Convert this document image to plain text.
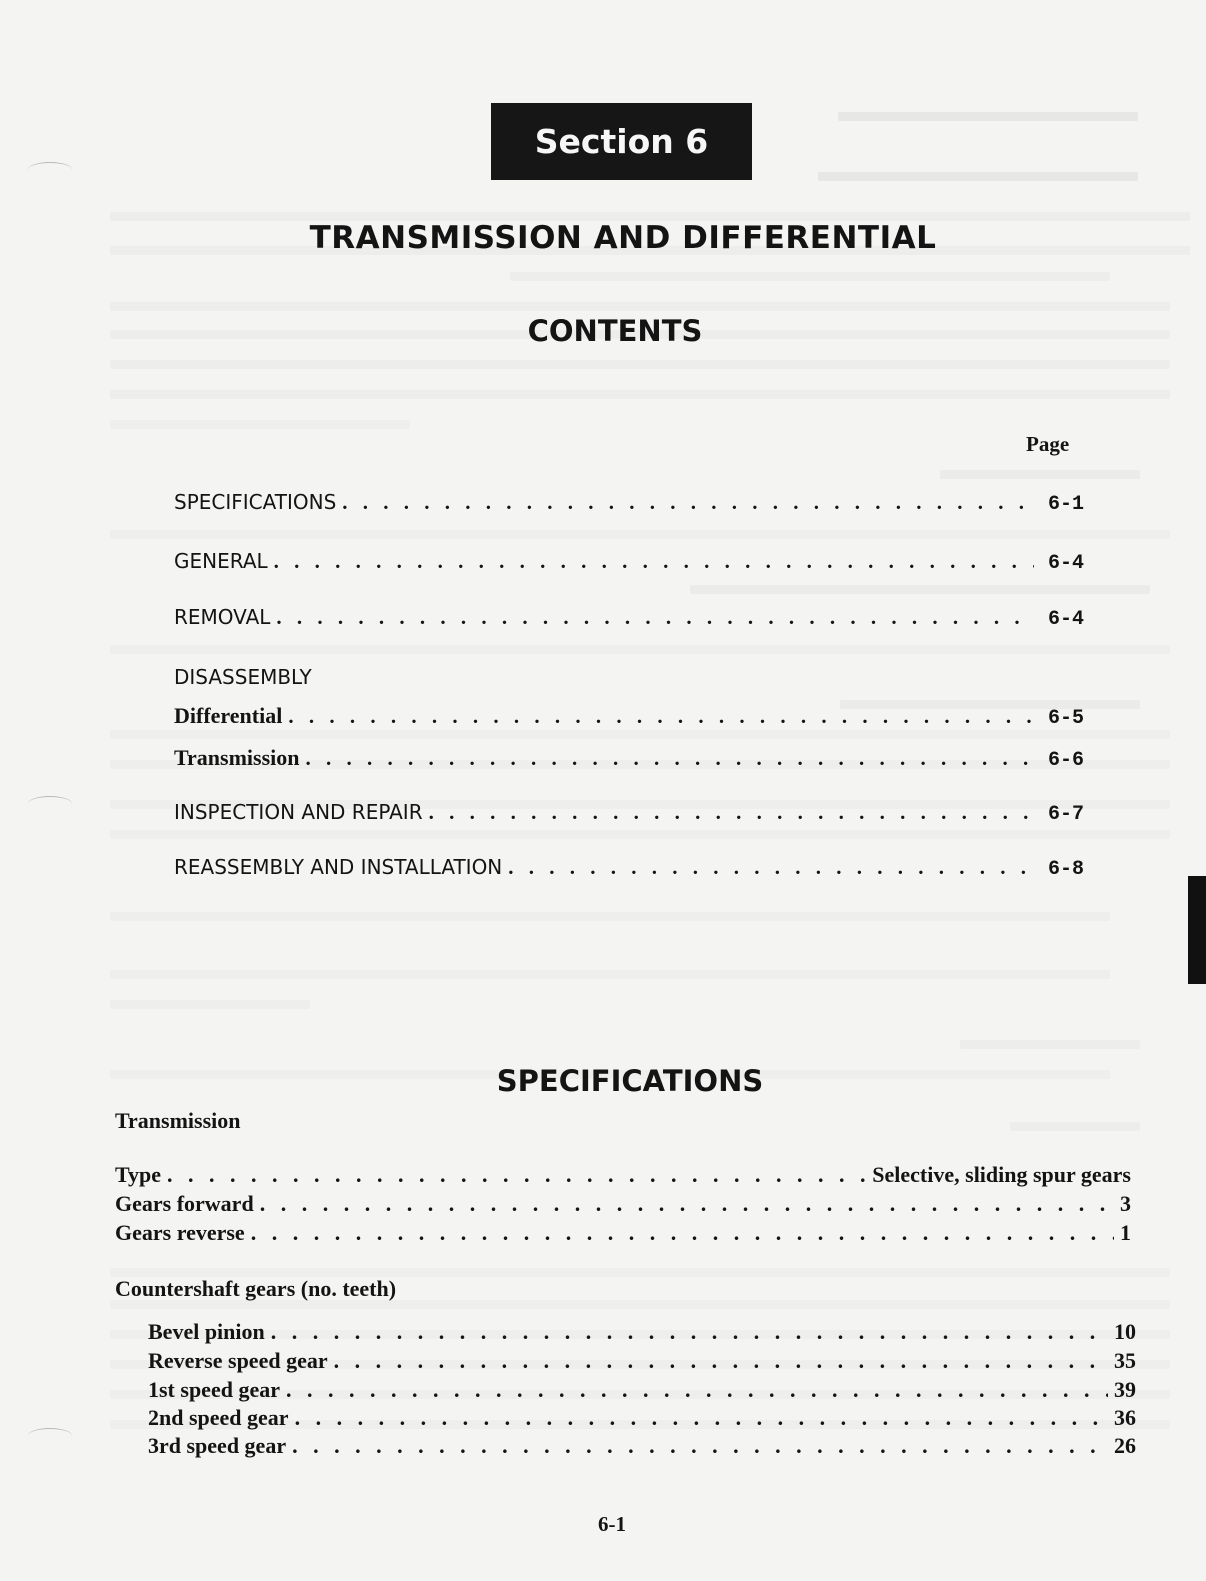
Section 6
TRANSMISSION AND DIFFERENTIAL
CONTENTS
Page
SPECIFICATIONS . . .	6-1
GENERAL . . .	6-4
REMOVAL . . .	6-4
DISASSEMBLY
Differential . . .	6-5
Transmission . . .	6-6
INSPECTION AND REPAIR . . .	6-7
REASSEMBLY AND INSTALLATION . . .	6-8
SPECIFICATIONS
Transmission
Type . . .	Selective, sliding spur gears
Gears forward . . .	3
Gears reverse . . .	1
Countershaft gears (no. teeth)
Bevel pinion . . .	10
Reverse speed gear . . .	35
1st speed gear . . .	39
2nd speed gear . . .	36
3rd speed gear . . .	26
6-1
